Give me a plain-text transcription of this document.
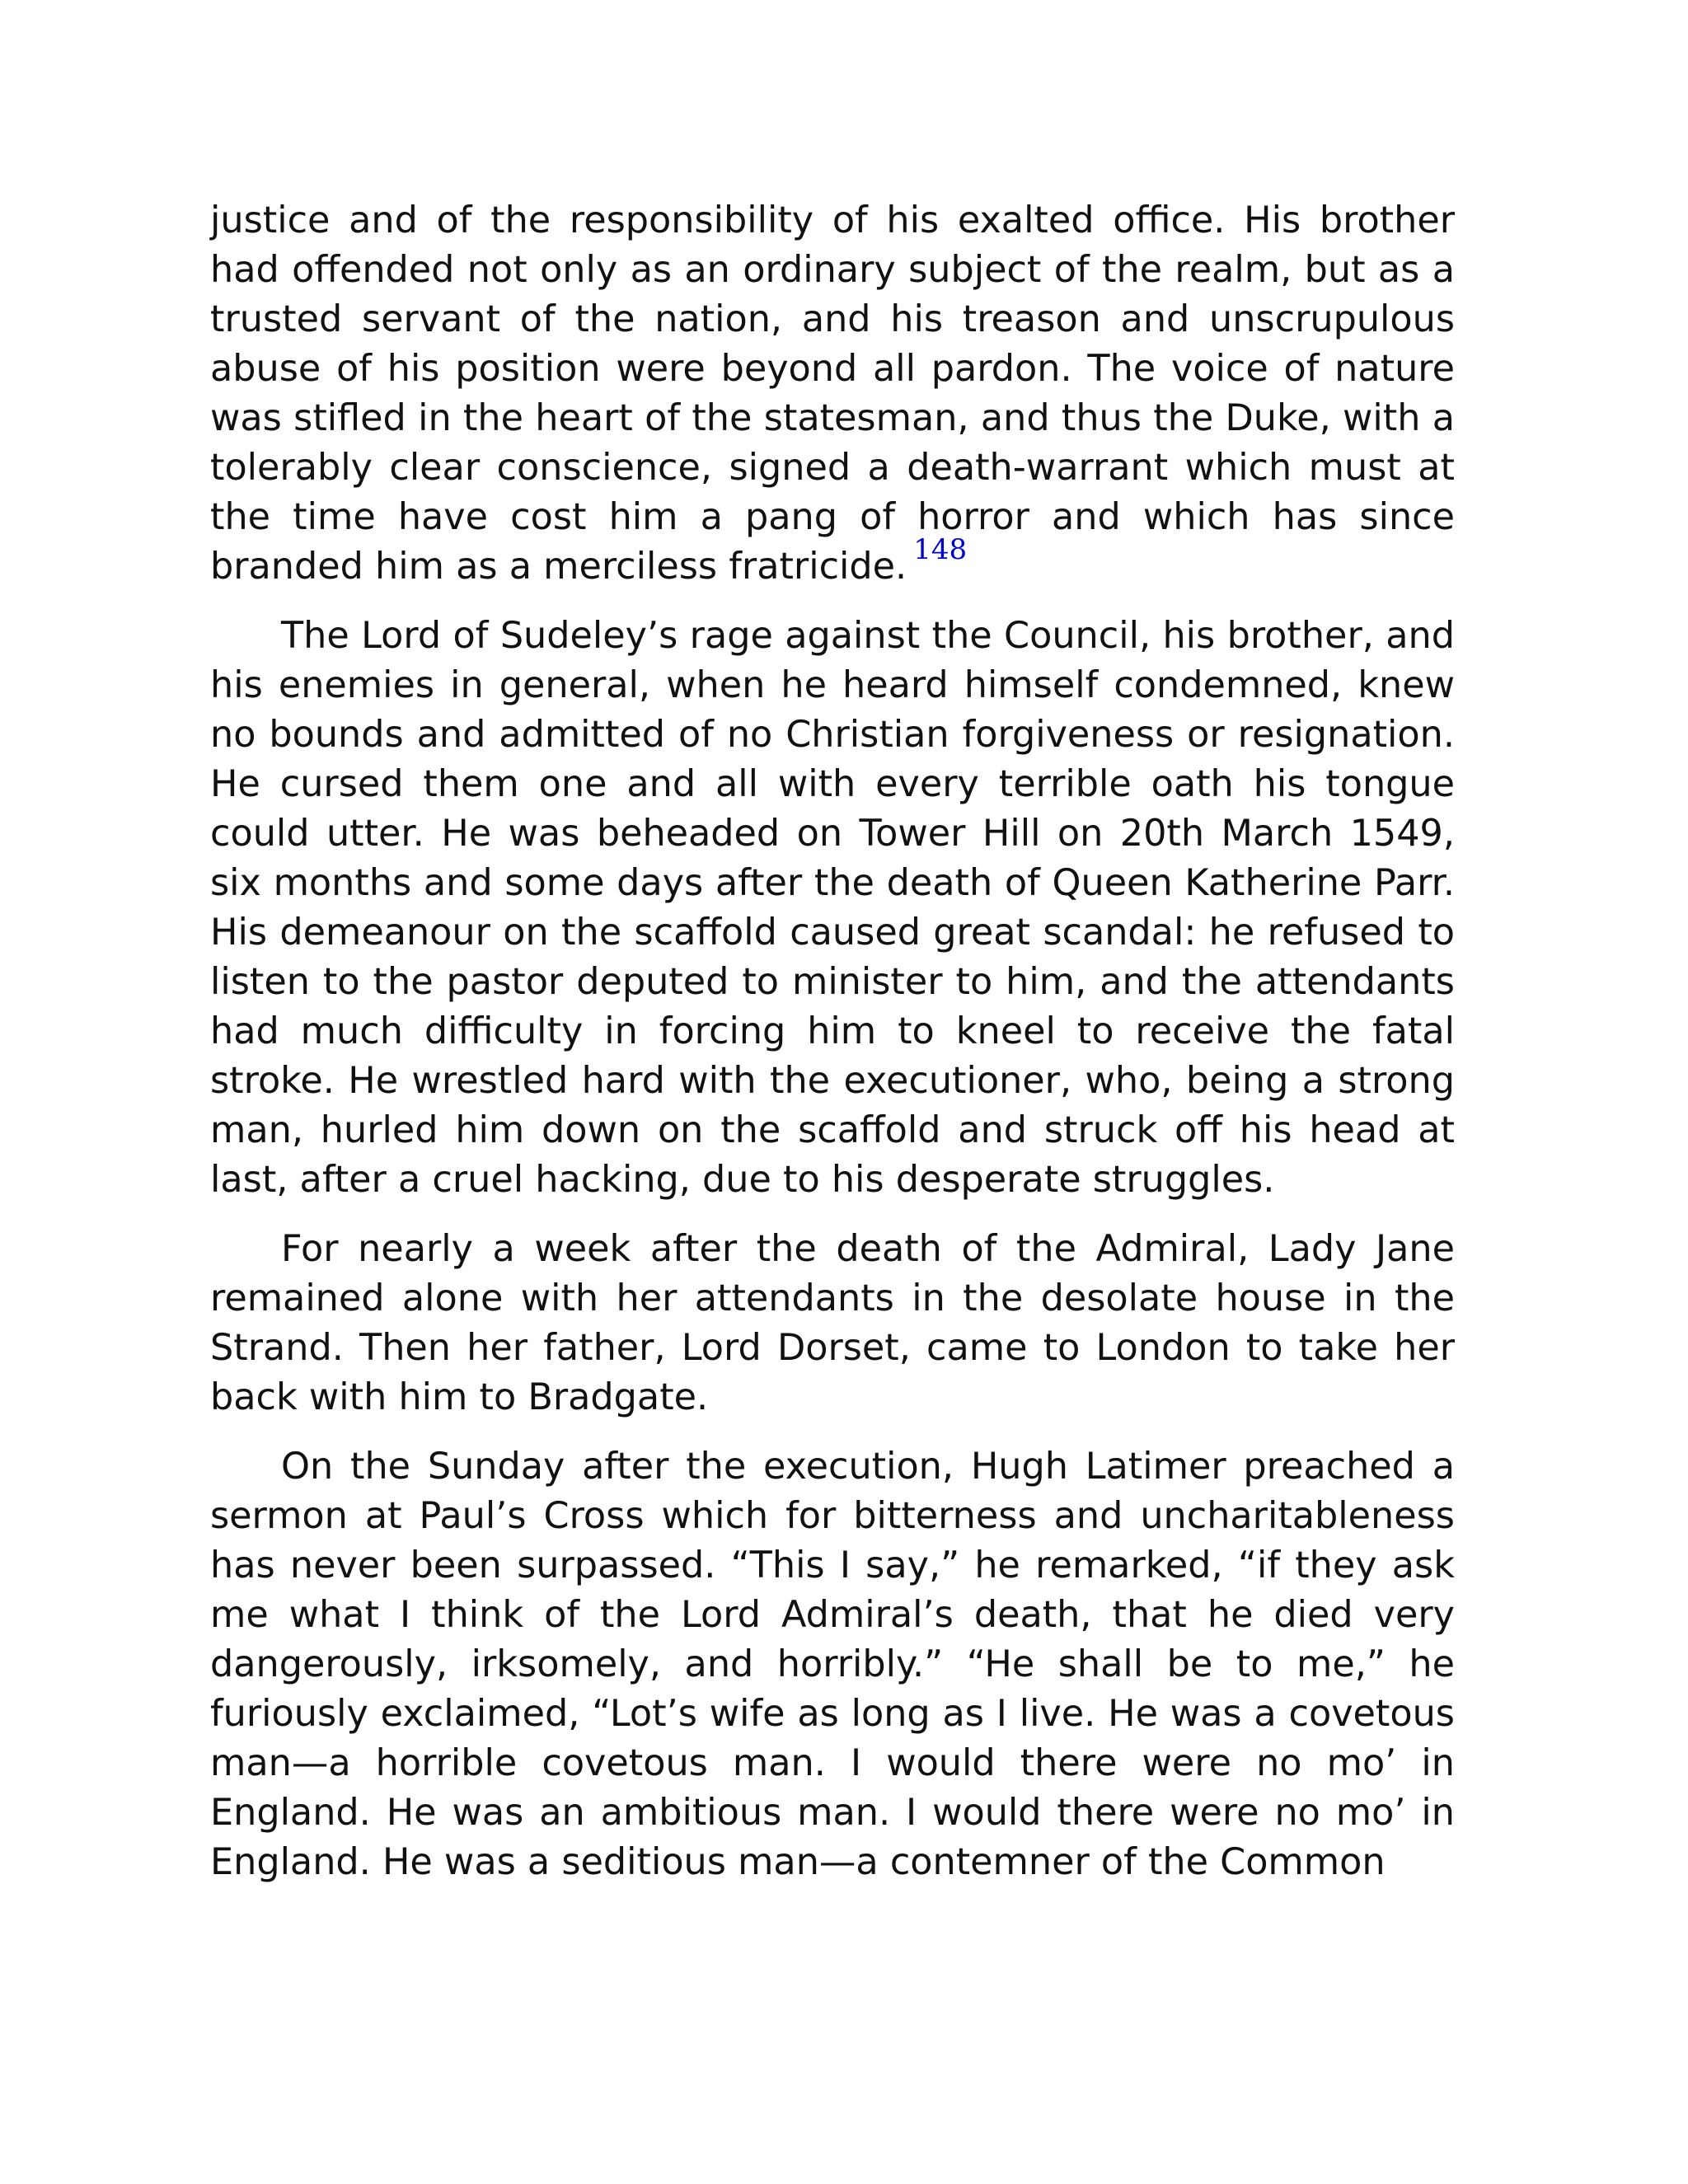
justice and of the responsibility of his exalted office. His brother had offended not only as an ordinary subject of the realm, but as a trusted servant of the nation, and his treason and unscrupulous abuse of his position were beyond all pardon. The voice of nature was stifled in the heart of the statesman, and thus the Duke, with a tolerably clear conscience, signed a death-warrant which must at the time have cost him a pang of horror and which has since branded him as a merciless fratricide. $^{148}$

The Lord of Sudeley’s rage against the Council, his brother, and his enemies in general, when he heard himself condemned, knew no bounds and admitted of no Christian forgiveness or resignation. He cursed them one and all with every terrible oath his tongue could utter. He was beheaded on Tower Hill on 20th March 1549, six months and some days after the death of Queen Katherine Parr. His demeanour on the scaffold caused great scandal: he refused to listen to the pastor deputed to minister to him, and the attendants had much difficulty in forcing him to kneel to receive the fatal stroke. He wrestled hard with the executioner, who, being a strong man, hurled him down on the scaffold and struck off his head at last, after a cruel hacking, due to his desperate struggles.

For nearly a week after the death of the Admiral, Lady Jane remained alone with her attendants in the desolate house in the Strand. Then her father, Lord Dorset, came to London to take her back with him to Bradgate.

On the Sunday after the execution, Hugh Latimer preached a sermon at Paul’s Cross which for bitterness and uncharitableness has never been surpassed. “This I say,” he remarked, “if they ask me what I think of the Lord Admiral’s death, that he died very dangerously, irksomely, and horribly.” “He shall be to me,” he furiously exclaimed, “Lot’s wife as long as I live. He was a covetous man—a horrible covetous man. I would there were no mo’ in England. He was an ambitious man. I would there were no mo’ in England. He was a seditious man—a contemner of the Common
